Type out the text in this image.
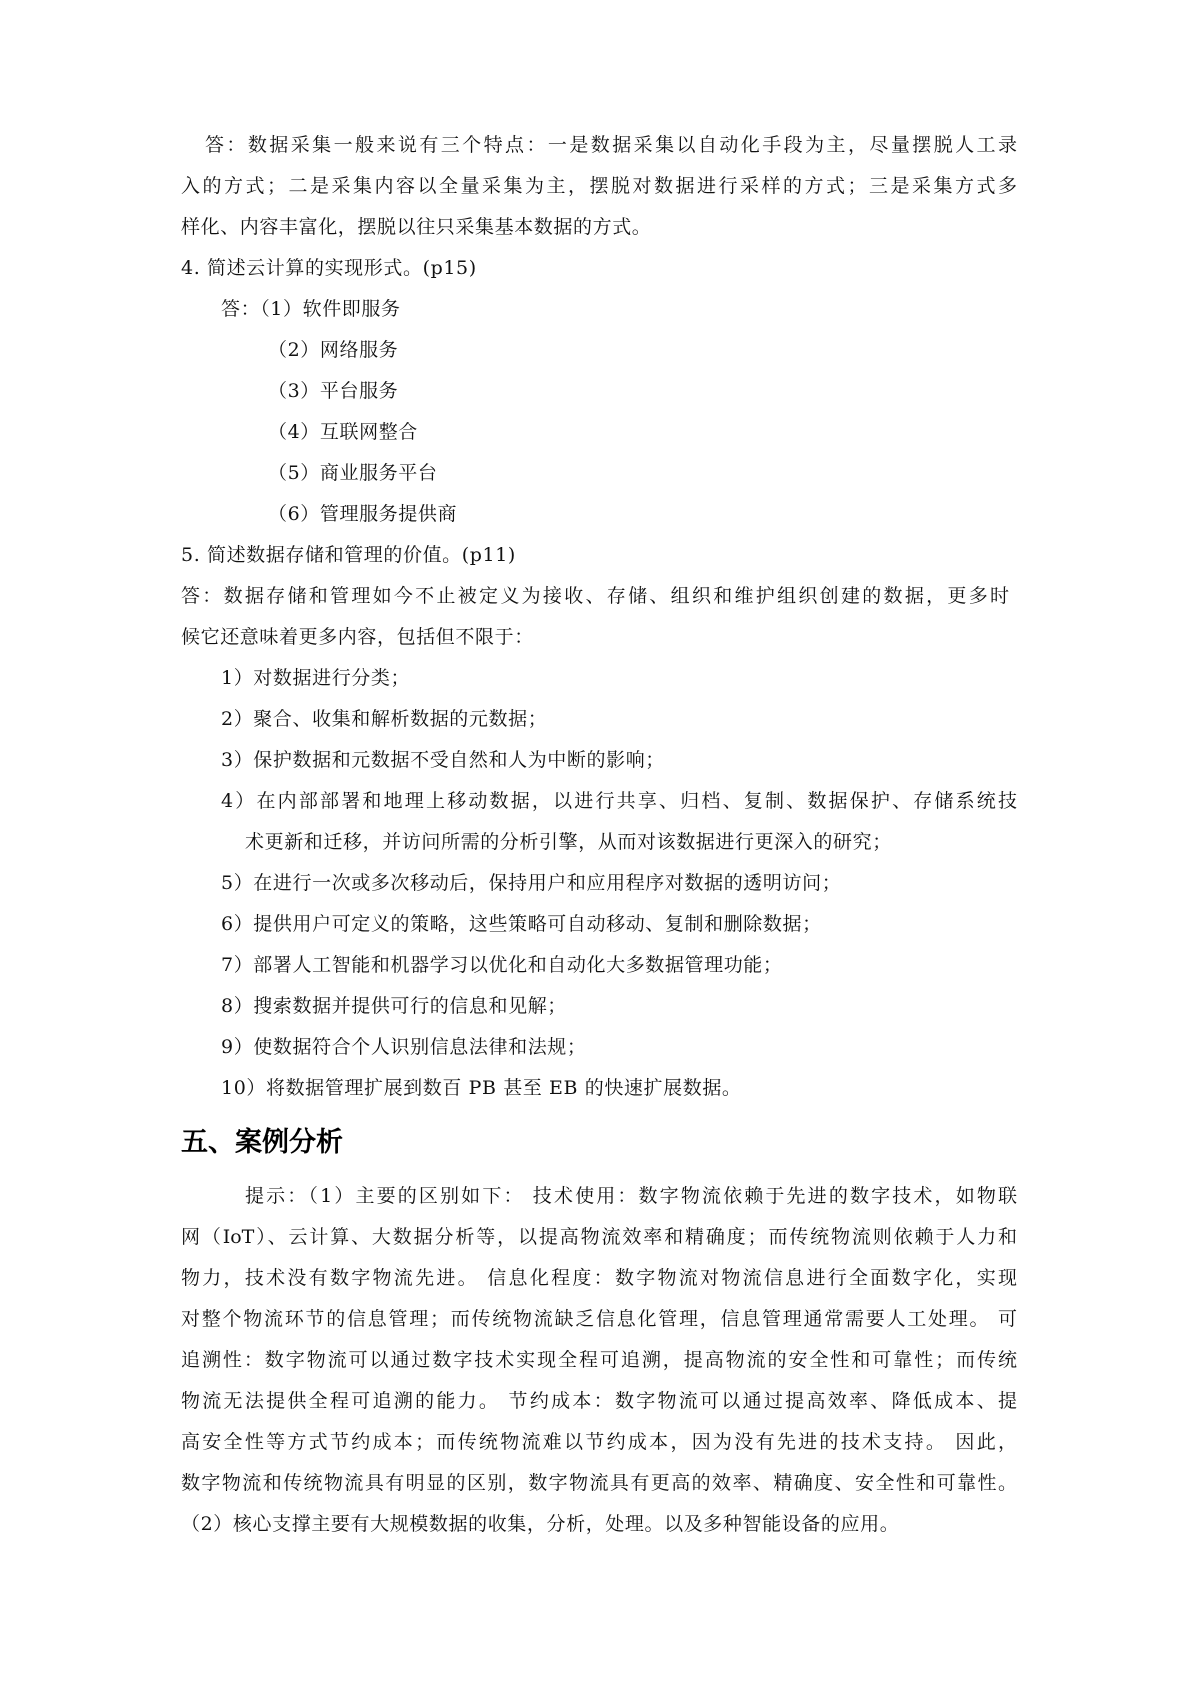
答：数据采集一般来说有三个特点：一是数据采集以自动化手段为主，尽量摆脱人工录
入的方式；二是采集内容以全量采集为主，摆脱对数据进行采样的方式；三是采集方式多
样化、内容丰富化，摆脱以往只采集基本数据的方式。
4. 简述云计算的实现形式。(p15)
答：（1）软件即服务
（2）网络服务
（3）平台服务
（4）互联网整合
（5）商业服务平台
（6）管理服务提供商
5. 简述数据存储和管理的价值。(p11)
答：数据存储和管理如今不止被定义为接收、存储、组织和维护组织创建的数据，更多时
候它还意味着更多内容，包括但不限于：
1）对数据进行分类；
2）聚合、收集和解析数据的元数据；
3）保护数据和元数据不受自然和人为中断的影响；
4）在内部部署和地理上移动数据，以进行共享、归档、复制、数据保护、存储系统技
术更新和迁移，并访问所需的分析引擎，从而对该数据进行更深入的研究；
5）在进行一次或多次移动后，保持用户和应用程序对数据的透明访问；
6）提供用户可定义的策略，这些策略可自动移动、复制和删除数据；
7）部署人工智能和机器学习以优化和自动化大多数据管理功能；
8）搜索数据并提供可行的信息和见解；
9）使数据符合个人识别信息法律和法规；
10）将数据管理扩展到数百 PB 甚至 EB 的快速扩展数据。
五、案例分析
提示：（1）主要的区别如下： 技术使用：数字物流依赖于先进的数字技术，如物联
网（IoT）、云计算、大数据分析等，以提高物流效率和精确度；而传统物流则依赖于人力和
物力，技术没有数字物流先进。 信息化程度：数字物流对物流信息进行全面数字化，实现
对整个物流环节的信息管理；而传统物流缺乏信息化管理，信息管理通常需要人工处理。 可
追溯性：数字物流可以通过数字技术实现全程可追溯，提高物流的安全性和可靠性；而传统
物流无法提供全程可追溯的能力。 节约成本：数字物流可以通过提高效率、降低成本、提
高安全性等方式节约成本；而传统物流难以节约成本，因为没有先进的技术支持。 因此，
数字物流和传统物流具有明显的区别，数字物流具有更高的效率、精确度、安全性和可靠性。
（2）核心支撑主要有大规模数据的收集，分析，处理。以及多种智能设备的应用。
